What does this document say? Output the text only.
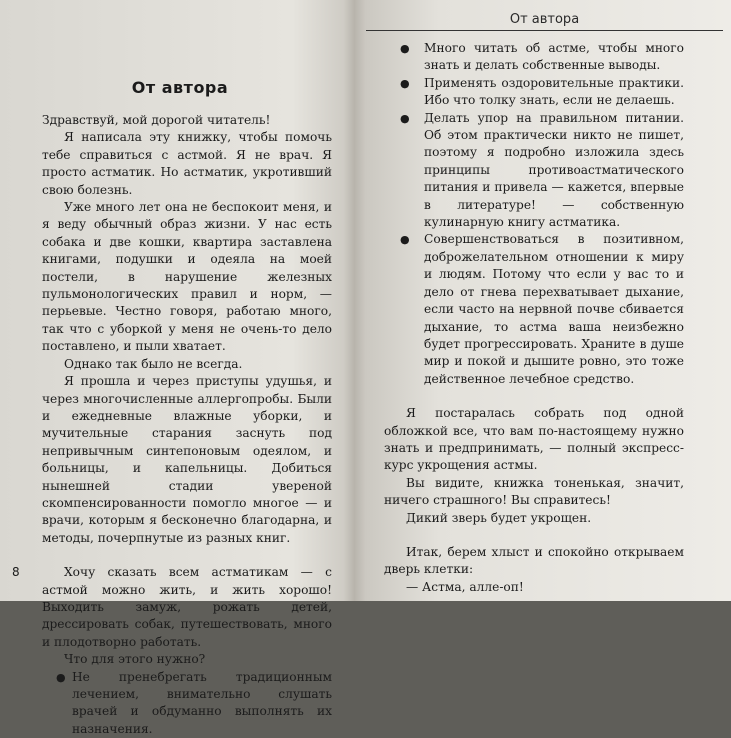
От автора

Здравствуй, мой дорогой читатель!

Я написала эту книжку, чтобы помочь тебе справиться с астмой. Я не врач. Я просто астматик. Но астматик, укротивший свою болезнь.

Уже много лет она не беспокоит меня, и я веду обычный образ жизни. У нас есть собака и две кошки, квартира заставлена книгами, подушки и одеяла на моей постели, в нарушение железных пульмонологических правил и норм, — перьевые. Честно говоря, работаю много, так что с уборкой у меня не очень-то дело поставлено, и пыли хватает.

Однако так было не всегда.

Я прошла и через приступы удушья, и через многочисленные аллергопробы. Были и ежедневные влажные уборки, и мучительные старания заснуть под непривычным синтепоновым одеялом, и больницы, и капельницы. Добиться нынешней стадии увереной скомпенсированности помогло многое — и врачи, которым я бесконечно благодарна, и методы, почерпнутые из разных книг.

Хочу сказать всем астматикам — с астмой можно жить, и жить хорошо! Выходить замуж, рожать детей, дрессировать собак, путешествовать, много и плодотворно работать.

Что для этого нужно?

● Не пренебрегать традиционным лечением, внимательно слушать врачей и обдуманно выполнять их назначения.
8
От автора
● Много читать об астме, чтобы много знать и делать собственные выводы.
● Применять оздоровительные практики. Ибо что толку знать, если не делаешь.
● Делать упор на правильном питании. Об этом практически никто не пишет, поэтому я подробно изложила здесь принципы противоастматического питания и привела — кажется, впервые в литературе! — собственную кулинарную книгу астматика.
● Совершенствоваться в позитивном, доброжелательном отношении к миру и людям. Потому что если у вас то и дело от гнева перехватывает дыхание, если часто на нервной почве сбивается дыхание, то астма ваша неизбежно будет прогрессировать. Храните в душе мир и покой и дышите ровно, это тоже действенное лечебное средство.

Я постаралась собрать под одной обложкой все, что вам по-настоящему нужно знать и предпринимать, — полный экспресс-курс укрощения астмы.

Вы видите, книжка тоненькая, значит, ничего страшного! Вы справитесь!

Дикий зверь будет укрощен.

Итак, берем хлыст и спокойно открываем дверь клетки:

— Астма, алле-оп!
